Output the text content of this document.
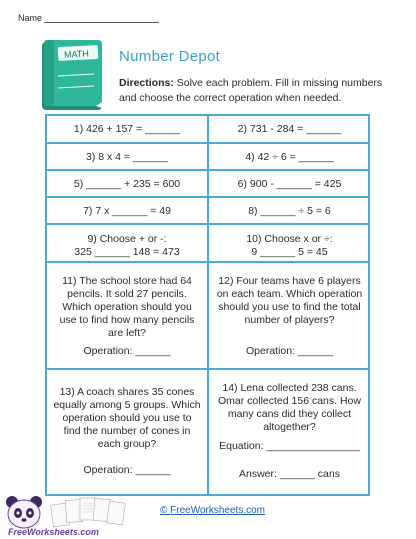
Name
MATH Number Depot
Directions: Solve each problem. Fill in missing numbers and choose the correct operation when needed.
1) 426 + 157 = ______	2) 731 - 284 = ______
3) 8 x 4 = ______	4) 42 ÷ 6 = ______
5) ______ + 235 = 600	6) 900 - ______ = 425
7) 7 x ______ = 49	8) ______ ÷ 5 = 6
9) Choose + or -:
325 ______ 148 = 473
10) Choose x or ÷:
9 ______ 5 = 45
11) The school store had 64 pencils. It sold 27 pencils. Which operation should you use to find how many pencils are left?
Operation: ______
12) Four teams have 6 players on each team. Which operation should you use to find the total number of players?
Operation: ______
13) A coach shares 35 cones equally among 5 groups. Which operation should you use to find the number of cones in each group?
Operation: ______
14) Lena collected 238 cans. Omar collected 156 cans. How many cans did they collect altogether?
Equation: ________________
Answer: ______ cans
FreeWorksheets.com
© FreeWorksheets.com
